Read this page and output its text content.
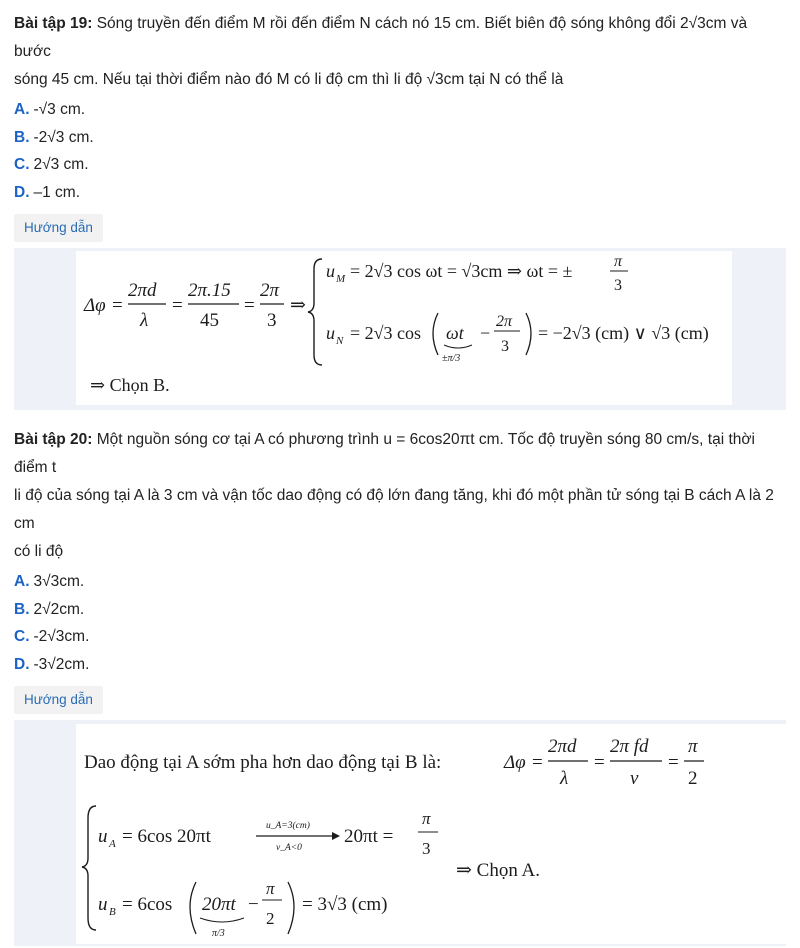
Bài tập 19: Sóng truyền đến điểm M rồi đến điểm N cách nó 15 cm. Biết biên độ sóng không đổi 2√3cm và bước
sóng 45 cm. Nếu tại thời điểm nào đó M có li độ cm thì li độ √3cm tại N có thể là
A. -√3 cm.
B. -2√3 cm.
C. 2√3 cm.
D. –1 cm.
Hướng dẫn
Δφ =
2πd
λ
=
2π.15
45
=
2π
3
⇒
u M = 2√3 cos ωt = √3cm ⇒ ωt = ±	π
3
u N = 2√3 cos ωt
±π/3
−
2π
3
= −2√3 (cm) ∨ √3 (cm)
⇒ Chọn B.
Bài tập 20: Một nguồn sóng cơ tại A có phương trình u = 6cos20πt cm. Tốc độ truyền sóng 80 cm/s, tại thời điểm t
li độ của sóng tại A là 3 cm và vận tốc dao động có độ lớn đang tăng, khi đó một phần tử sóng tại B cách A là 2 cm
có li độ
A. 3√3cm.
B. 2√2cm.
C. -2√3cm.
D. -3√2cm.
Hướng dẫn
Dao động tại A sớm pha hơn dao động tại B là:	Δφ =
2πd
λ
=
2π fd
v
=
π
2
u A = 6cos 20πt	u_A=3(cm)
v_A<0
20πt =
π
3
⇒ Chọn A.
u B = 6cos 20πt
π/3
−
π
2
= 3√3 (cm)
